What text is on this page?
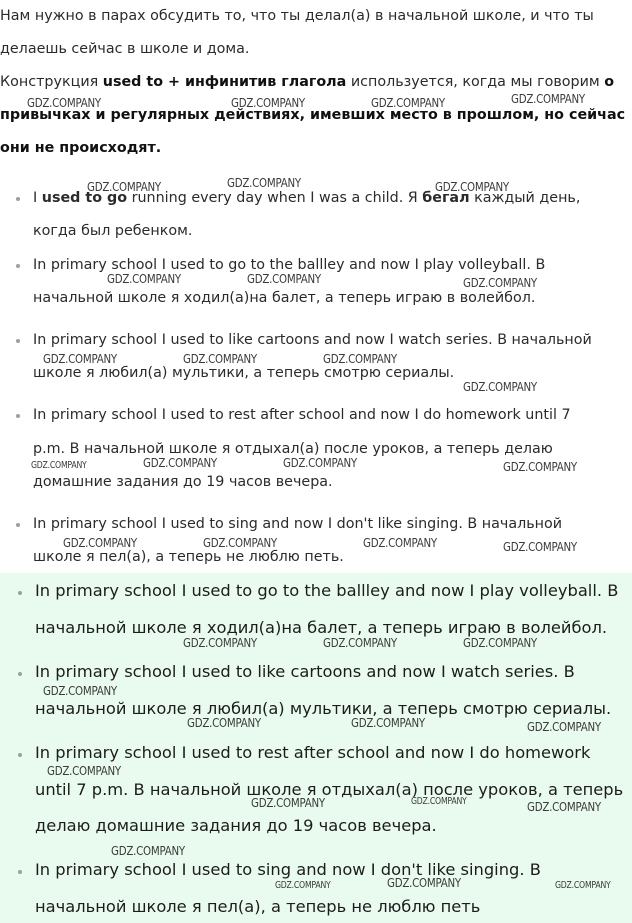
Нам нужно в парах обсудить то, что ты делал(а) в начальной школе, и что ты
делаешь сейчас в школе и дома.
Конструкция used to + инфинитив глагола используется, когда мы говорим о
привычках и регулярных действиях, имевших место в прошлом, но сейчас
они не происходят.
I used to go running every day when I was a child. Я бегал каждый день,
когда был ребенком.
In primary school I used to go to the ballley and now I play volleyball. В
начальной школе я ходил(а)на балет, а теперь играю в волейбол.
In primary school I used to like cartoons and now I watch series. В начальной
школе я любил(а) мультики, а теперь смотрю сериалы.
In primary school I used to rest after school and now I do homework until 7
p.m. В начальной школе я отдыхал(а) после уроков, а теперь делаю
домашние задания до 19 часов вечера.
In primary school I used to sing and now I don't like singing. В начальной
школе я пел(а), а теперь не люблю петь.
In primary school I used to go to the ballley and now I play volleyball. В
начальной школе я ходил(а)на балет, а теперь играю в волейбол.
In primary school I used to like cartoons and now I watch series. В
начальной школе я любил(а) мультики, а теперь смотрю сериалы.
In primary school I used to rest after school and now I do homework
until 7 p.m. В начальной школе я отдыхал(а) после уроков, а теперь
делаю домашние задания до 19 часов вечера.
In primary school I used to sing and now I don't like singing. В
начальной школе я пел(а), а теперь не люблю петь
GDZ.COMPANY	GDZ.COMPANY	GDZ.COMPANY	GDZ.COMPANY
GDZ.COMPANY	GDZ.COMPANY	GDZ.COMPANY
GDZ.COMPANY	GDZ.COMPANY	GDZ.COMPANY
GDZ.COMPANY	GDZ.COMPANY	GDZ.COMPANY
GDZ.COMPANY
GDZ.COMPANY	GDZ.COMPANY	GDZ.COMPANY	GDZ.COMPANY
GDZ.COMPANY	GDZ.COMPANY	GDZ.COMPANY	GDZ.COMPANY
GDZ.COMPANY	GDZ.COMPANY	GDZ.COMPANY
GDZ.COMPANY
GDZ.COMPANY	GDZ.COMPANY	GDZ.COMPANY
GDZ.COMPANY
GDZ.COMPANY	GDZ.COMPANY	GDZ.COMPANY
GDZ.COMPANY
GDZ.COMPANY	GDZ.COMPANY	GDZ.COMPANY
